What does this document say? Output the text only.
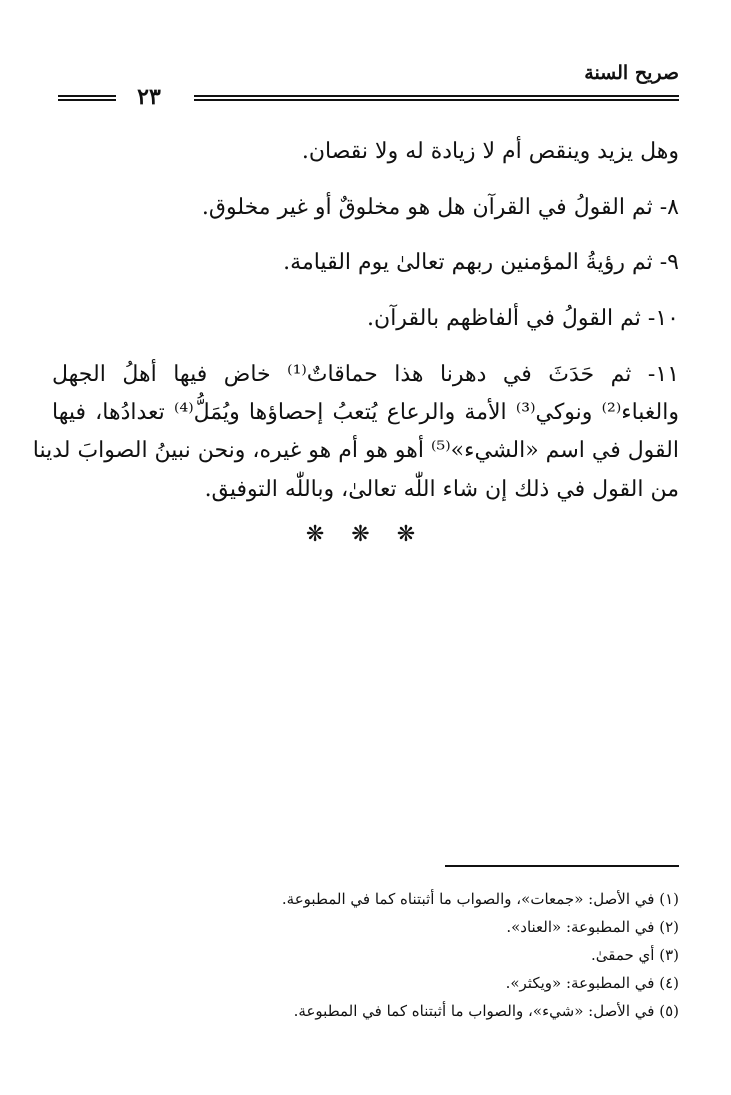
صريح السنة
٢٣
وهل يزيد وينقص أم لا زيادة له ولا نقصان.
٨- ثم القولُ في القرآن هل هو مخلوقٌ أو غير مخلوق.
٩- ثم رؤيةُ المؤمنين ربهم تعالىٰ يوم القيامة.
١٠- ثم القولُ في ألفاظهم بالقرآن.
١١- ثم حَدَثَ في دهرنا هذا حماقاتٌ⁽¹⁾ خاض فيها أهلُ الجهل
والغباء⁽²⁾ ونوكي⁽³⁾ الأمة والرعاع يُتعبُ إحصاؤها ويُمَلُّ⁽⁴⁾ تعدادُها، فيها
القول في اسم «الشيء»⁽⁵⁾ أهو هو أم هو غيره، ونحن نبينُ الصوابَ لدينا
من القول في ذلك إن شاء اللّٰه تعالىٰ، وباللّٰه التوفيق.
❋ ❋ ❋
(١) في الأصل: «جمعات»، والصواب ما أثبتناه كما في المطبوعة.
(٢) في المطبوعة: «العناد».
(٣) أي حمقىٰ.
(٤) في المطبوعة: «ويكثر».
(٥) في الأصل: «شيء»، والصواب ما أثبتناه كما في المطبوعة.
